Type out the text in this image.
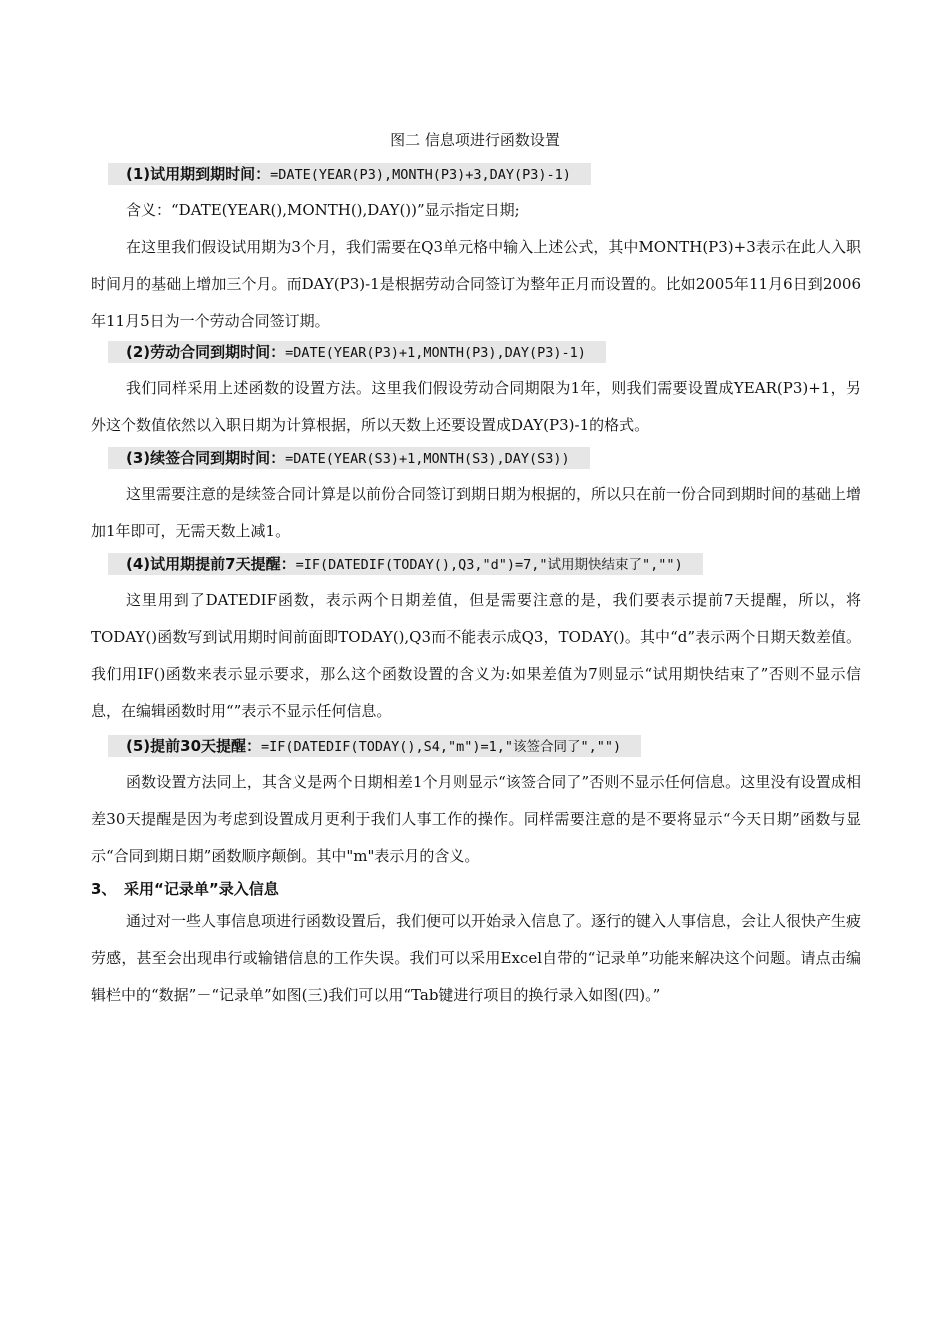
图二 信息项进行函数设置
(1)试用期到期时间：=DATE(YEAR(P3),MONTH(P3)+3,DAY(P3)-1)
含义：“DATE(YEAR(),MONTH(),DAY())”显示指定日期;
在这里我们假设试用期为3个月，我们需要在Q3单元格中输入上述公式，其中MONTH(P3)+3表示在此人入职时间月的基础上增加三个月。而DAY(P3)-1是根据劳动合同签订为整年正月而设置的。比如2005年11月6日到2006年11月5日为一个劳动合同签订期。
(2)劳动合同到期时间：=DATE(YEAR(P3)+1,MONTH(P3),DAY(P3)-1)
我们同样采用上述函数的设置方法。这里我们假设劳动合同期限为1年，则我们需要设置成YEAR(P3)+1，另外这个数值依然以入职日期为计算根据，所以天数上还要设置成DAY(P3)-1的格式。
(3)续签合同到期时间：=DATE(YEAR(S3)+1,MONTH(S3),DAY(S3))
这里需要注意的是续签合同计算是以前份合同签订到期日期为根据的，所以只在前一份合同到期时间的基础上增加1年即可，无需天数上减1。
(4)试用期提前7天提醒：=IF(DATEDIF(TODAY(),Q3,"d")=7,"试用期快结束了","")
这里用到了DATEDIF函数，表示两个日期差值，但是需要注意的是，我们要表示提前7天提醒，所以，将TODAY()函数写到试用期时间前面即TODAY(),Q3而不能表示成Q3，TODAY()。其中“d”表示两个日期天数差值。我们用IF()函数来表示显示要求，那么这个函数设置的含义为:如果差值为7则显示“试用期快结束了”否则不显示信息，在编辑函数时用“”表示不显示任何信息。
(5)提前30天提醒：=IF(DATEDIF(TODAY(),S4,"m")=1,"该签合同了","")
函数设置方法同上，其含义是两个日期相差1个月则显示“该签合同了”否则不显示任何信息。这里没有设置成相差30天提醒是因为考虑到设置成月更利于我们人事工作的操作。同样需要注意的是不要将显示“今天日期”函数与显示“合同到期日期”函数顺序颠倒。其中"m"表示月的含义。
3、 采用“记录单”录入信息
通过对一些人事信息项进行函数设置后，我们便可以开始录入信息了。逐行的键入人事信息，会让人很快产生疲劳感，甚至会出现串行或输错信息的工作失误。我们可以采用Excel自带的“记录单”功能来解决这个问题。请点击编辑栏中的“数据”－“记录单”如图(三)我们可以用“Tab键进行项目的换行录入如图(四)。”
